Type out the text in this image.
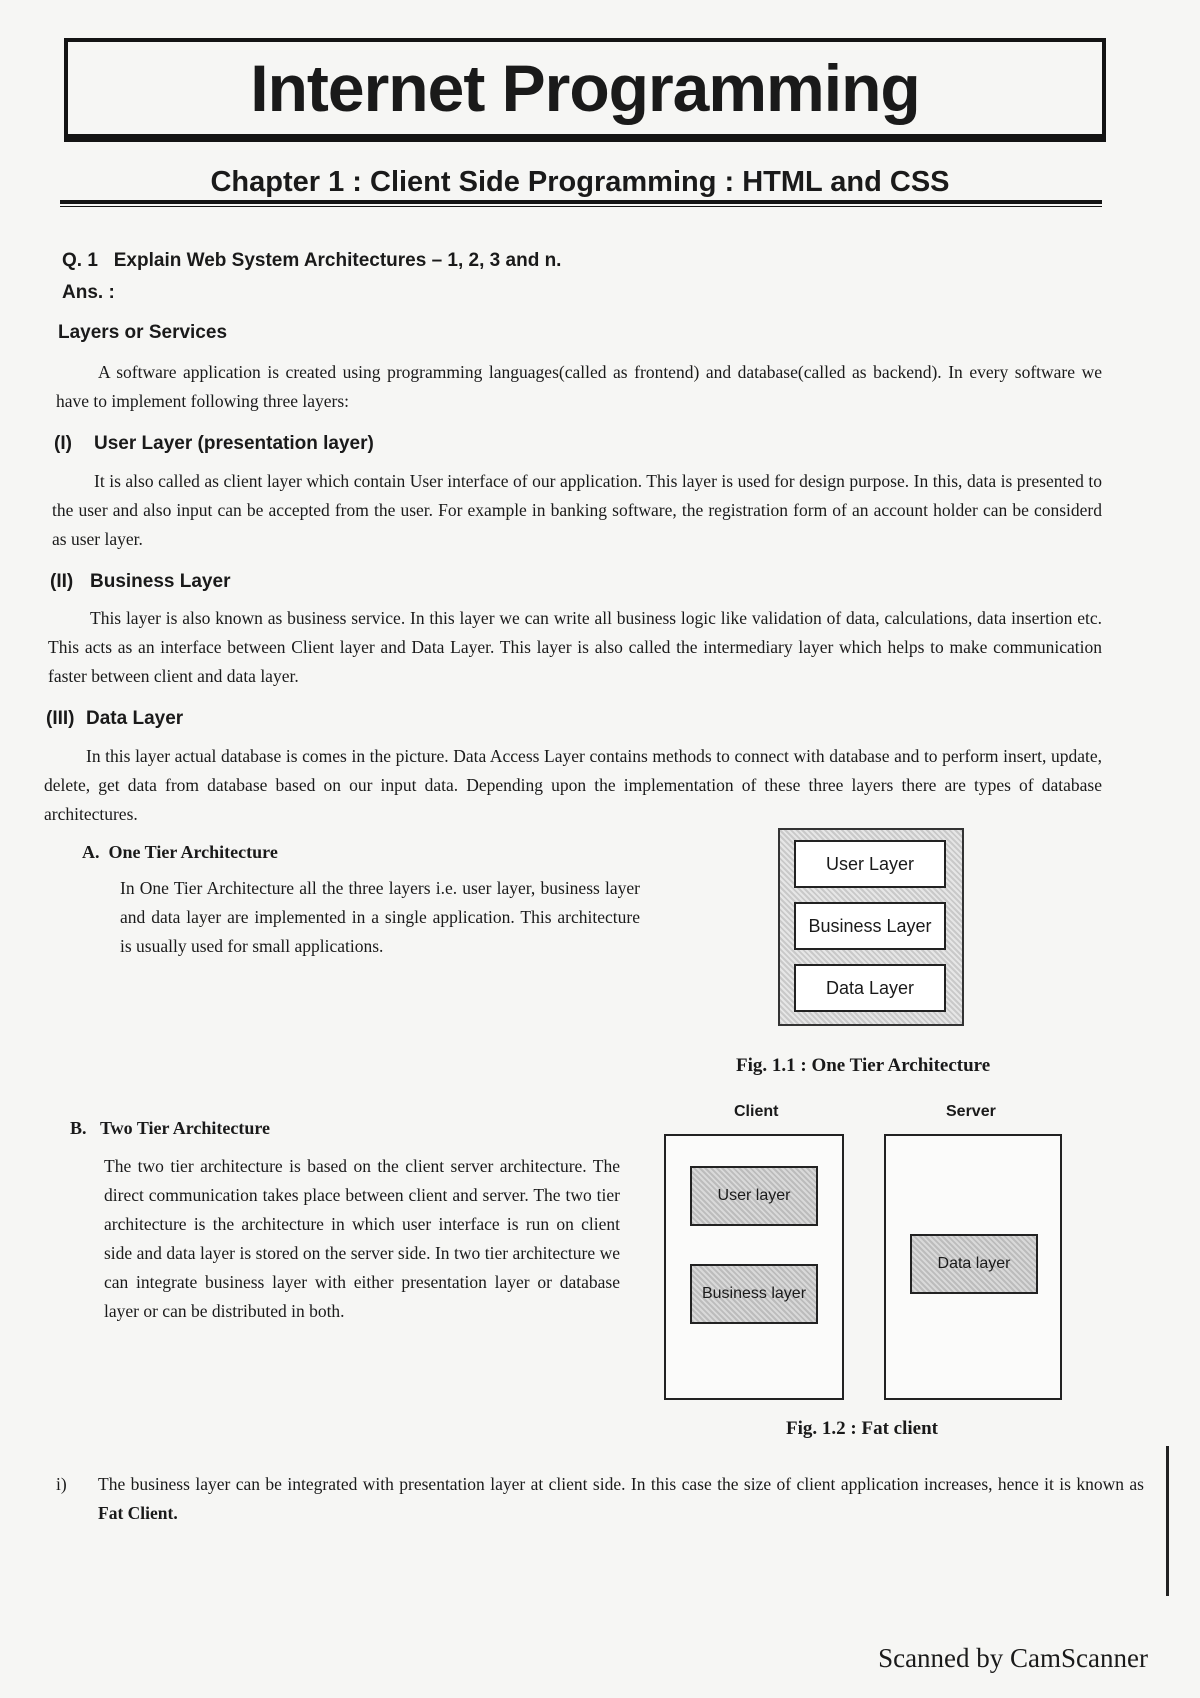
Internet Programming
Chapter 1 : Client Side Programming : HTML and CSS
Q. 1 Explain Web System Architectures – 1, 2, 3 and n.
Ans. :
Layers or Services
A software application is created using programming languages(called as frontend) and database(called as backend). In every software we have to implement following three layers:
(I) User Layer (presentation layer)
It is also called as client layer which contain User interface of our application. This layer is used for design purpose. In this, data is presented to the user and also input can be accepted from the user. For example in banking software, the registration form of an account holder can be considerd as user layer.
(II) Business Layer
This layer is also known as business service. In this layer we can write all business logic like validation of data, calculations, data insertion etc. This acts as an interface between Client layer and Data Layer. This layer is also called the intermediary layer which helps to make communication faster between client and data layer.
(III) Data Layer
In this layer actual database is comes in the picture. Data Access Layer contains methods to connect with database and to perform insert, update, delete, get data from database based on our input data. Depending upon the implementation of these three layers there are types of database architectures.
A. One Tier Architecture
In One Tier Architecture all the three layers i.e. user layer, business layer and data layer are implemented in a single application. This architecture is usually used for small applications.
User Layer
Business Layer
Data Layer
Fig. 1.1 : One Tier Architecture
B. Two Tier Architecture
The two tier architecture is based on the client server architecture. The direct communication takes place between client and server. The two tier architecture is the architecture in which user interface is run on client side and data layer is stored on the server side. In two tier architecture we can integrate business layer with either presentation layer or database layer or can be distributed in both.
Client	Server
User layer
Business layer
Data layer
Fig. 1.2 : Fat client
i) The business layer can be integrated with presentation layer at client side. In this case the size of client application increases, hence it is known as Fat Client.
Scanned by CamScanner
